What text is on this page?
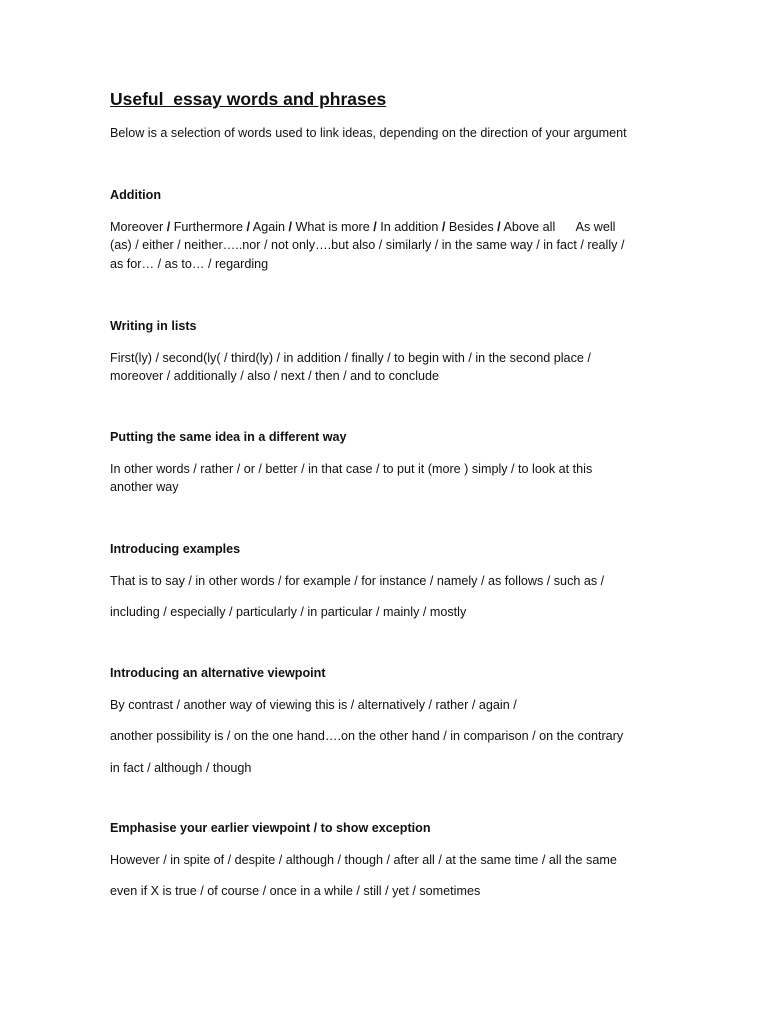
Useful  essay words and phrases

Below is a selection of words used to link ideas, depending on the direction of your argument

Addition

Moreover / Furthermore / Again / What is more / In addition / Besides / Above all      As well

(as) / either / neither…..nor / not only….but also / similarly / in the same way / in fact / really /

as for… / as to… / regarding

Writing in lists

First(ly) / second(ly( / third(ly) / in addition / finally / to begin with / in the second place /

moreover / additionally / also / next / then / and to conclude

Putting the same idea in a different way

In other words / rather / or / better / in that case / to put it (more ) simply / to look at this

another way

Introducing examples

That is to say / in other words / for example / for instance / namely / as follows / such as /

including / especially / particularly / in particular / mainly / mostly

Introducing an alternative viewpoint

By contrast / another way of viewing this is / alternatively / rather / again /

another possibility is / on the one hand….on the other hand / in comparison / on the contrary

in fact / although / though

Emphasise your earlier viewpoint / to show exception

However / in spite of / despite / although / though / after all / at the same time / all the same

even if X is true / of course / once in a while / still / yet / sometimes
